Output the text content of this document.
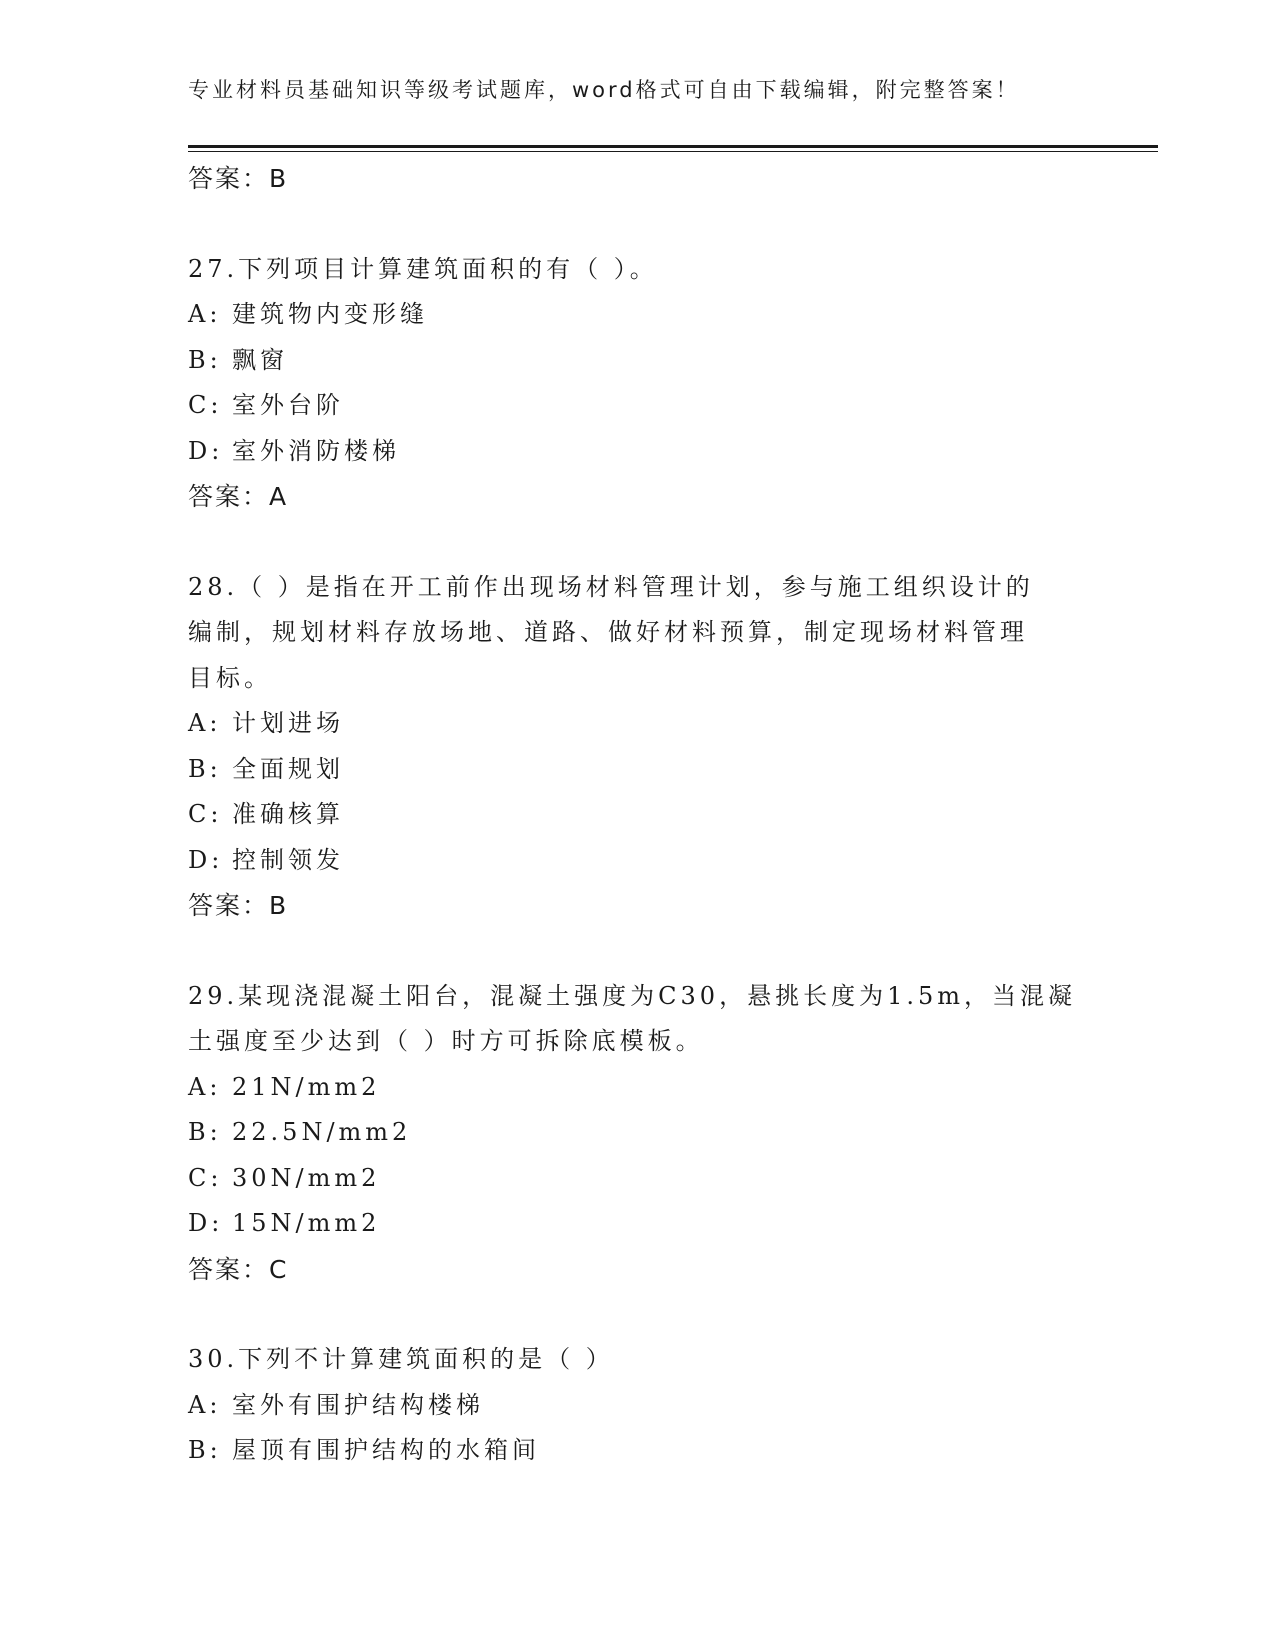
专业材料员基础知识等级考试题库，word格式可自由下载编辑，附完整答案！
答案：B
27.下列项目计算建筑面积的有（ ）。
A: 建筑物内变形缝
B: 飘窗
C: 室外台阶
D: 室外消防楼梯
答案：A
28.（ ）是指在开工前作出现场材料管理计划，参与施工组织设计的
编制，规划材料存放场地、道路、做好材料预算，制定现场材料管理
目标。
A: 计划进场
B: 全面规划
C: 准确核算
D: 控制领发
答案：B
29.某现浇混凝土阳台，混凝土强度为C30，悬挑长度为1.5m，当混凝
土强度至少达到（ ）时方可拆除底模板。
A: 21N/mm2
B: 22.5N/mm2
C: 30N/mm2
D: 15N/mm2
答案：C
30.下列不计算建筑面积的是（ ）
A: 室外有围护结构楼梯
B: 屋顶有围护结构的水箱间
